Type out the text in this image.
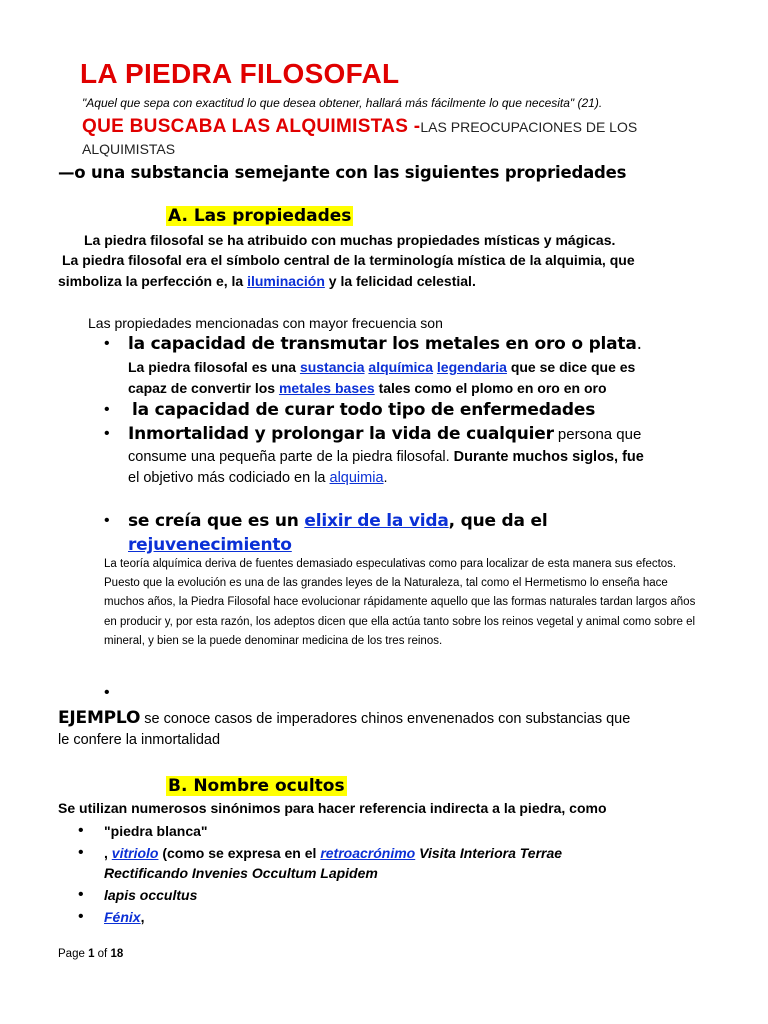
LA PIEDRA FILOSOFAL
"Aquel que sepa con exactitud lo que desea obtener, hallará más fácilmente lo que necesita" (21).
QUE BUSCABA LAS ALQUIMISTAS -LAS PREOCUPACIONES DE LOS
ALQUIMISTAS
—o una substancia semejante con las siguientes propriedades
A. Las propiedades
La piedra filosofal se ha atribuido con muchas propiedades místicas y mágicas.
La piedra filosofal era el símbolo central de la terminología mística de la alquimia, que
simboliza la perfección e, la iluminación y la felicidad celestial.
Las propiedades mencionadas con mayor frecuencia son
•
la capacidad de transmutar los metales en oro o plata.
La piedra filosofal es una sustancia alquímica legendaria que se dice que es
capaz de convertir los metales bases tales como el plomo en oro en oro
•
la capacidad de curar todo tipo de enfermedades
•
Inmortalidad y prolongar la vida de cualquier persona que
consume una pequeña parte de la piedra filosofal. Durante muchos siglos, fue
el objetivo más codiciado en la alquimia.
•
se creía que es un elixir de la vida, que da el
rejuvenecimiento
La teoría alquímica deriva de fuentes demasiado especulativas como para localizar de esta manera sus efectos. Puesto que la evolución es una de las grandes leyes de la Naturaleza, tal como el Hermetismo lo enseña hace muchos años, la Piedra Filosofal hace evolucionar rápidamente aquello que las formas naturales tardan largos años en producir y, por esta razón, los adeptos dicen que ella actúa tanto sobre los reinos vegetal y animal como sobre el mineral, y bien se la puede denominar medicina de los tres reinos.
•
EJEMPLO se conoce casos de imperadores chinos envenenados con substancias que
le confere la inmortalidad
B. Nombre ocultos
Se utilizan numerosos sinónimos para hacer referencia indirecta a la piedra, como
•
"piedra blanca"
•
, vitriolo (como se expresa en el retroacrónimo Visita Interiora Terrae
Rectificando Invenies Occultum Lapidem
•
lapis occultus
•
Fénix,
Page 1 of 18
